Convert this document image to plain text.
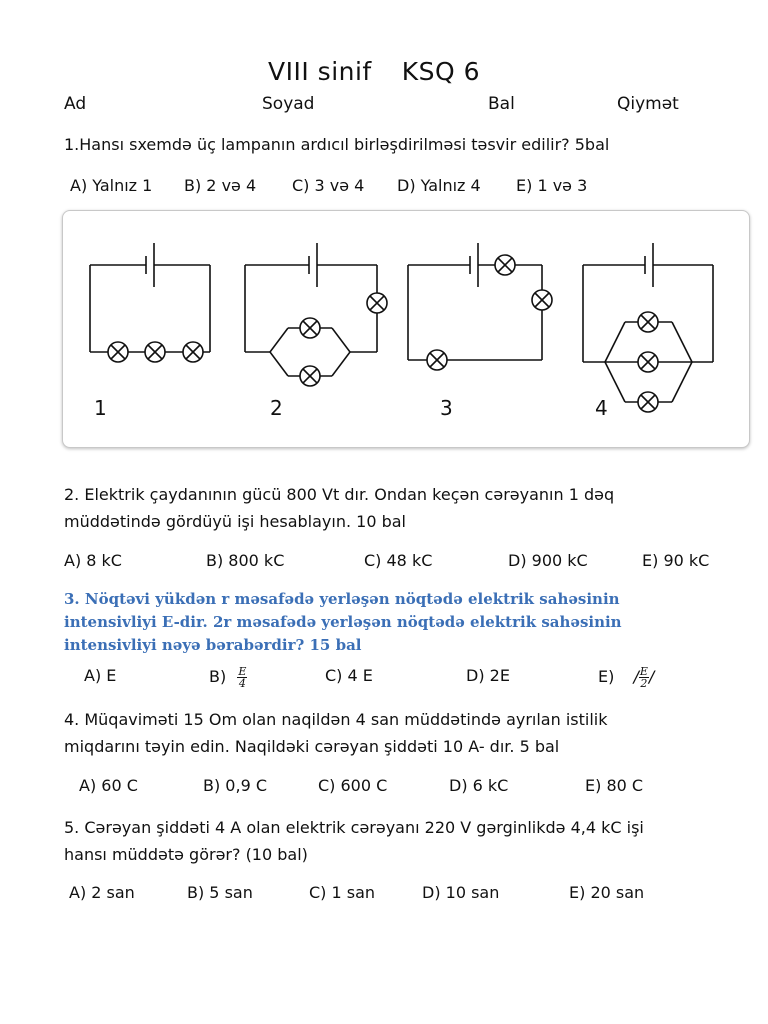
VIII sinif KSQ 6
Ad	Soyad	Bal	Qiymət
1.Hansı sxemdə üç lampanın ardıcıl birləşdirilməsi təsvir edilir? 5bal
A) Yalnız 1 B) 2 və 4 C) 3 və 4 D) Yalnız 4 E) 1 və 3
1	2	3	4
2. Elektrik çaydanının gücü 800 Vt dır. Ondan keçən cərəyanın 1 dəq
müddətində gördüyü işi hesablayın. 10 bal
A) 8 kC	B) 800 kC	C) 48 kC	D) 900 kC	E) 90 kC
3. Nöqtəvi yükdən r məsafədə yerləşən nöqtədə elektrik sahəsinin
intensivliyi E-dir. 2r məsafədə yerləşən nöqtədə elektrik sahəsinin
intensivliyi nəyə bərabərdir? 15 bal
A) E	$B) \frac{E}{4}$	C) 4 E	D) 2E	$E) / \frac{E}{2}$ /
4. Müqaviməti 15 Om olan naqildən 4 san müddətində ayrılan istilik
miqdarını təyin edin. Naqildəki cərəyan şiddəti 10 A- dır. 5 bal
A) 60 C	B) 0,9 C	C) 600 C	D) 6 kC	E) 80 C
5. Cərəyan şiddəti 4 A olan elektrik cərəyanı 220 V gərginlikdə 4,4 kC işi
hansı müddətə görər? (10 bal)
A) 2 san	B) 5 san	C) 1 san	D) 10 san	E) 20 san
